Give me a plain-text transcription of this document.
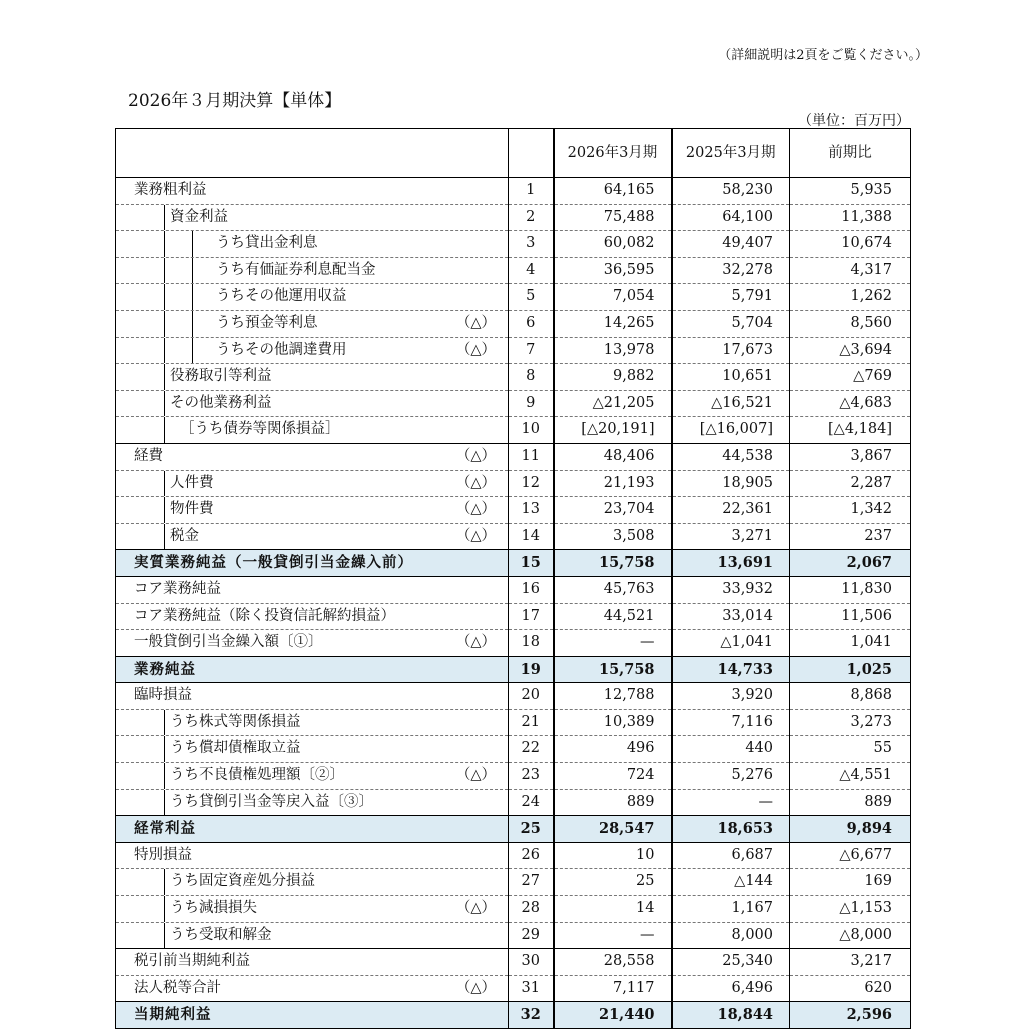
（詳細説明は2頁をご覧ください。）
2026年３月期決算【単体】
（単位：百万円）
		2026年3月期	2025年3月期	前期比

業務粗利益	1	64,165	58,230	5,935

資金利益	2	75,488	64,100	11,388

うち貸出金利息	3	60,082	49,407	10,674

うち有価証券利息配当金	4	36,595	32,278	4,317

うちその他運用収益	5	7,054	5,791	1,262

うち預金等利息 （△）	6	14,265	5,704	8,560

うちその他調達費用 （△）	7	13,978	17,673	△3,694

役務取引等利益	8	9,882	10,651	△769

その他業務利益	9	△21,205	△16,521	△4,683

［うち債券等関係損益］	10	[△20,191]	[△16,007]	[△4,184]

経費 （△）	11	48,406	44,538	3,867

人件費 （△）	12	21,193	18,905	2,287

物件費 （△）	13	23,704	22,361	1,342

税金 （△）	14	3,508	3,271	237

実質業務純益（一般貸倒引当金繰入前）	15	15,758	13,691	2,067

コア業務純益	16	45,763	33,932	11,830

コア業務純益（除く投資信託解約損益）	17	44,521	33,014	11,506

一般貸倒引当金繰入額〔①〕 （△）	18	—	△1,041	1,041

業務純益	19	15,758	14,733	1,025

臨時損益	20	12,788	3,920	8,868

うち株式等関係損益	21	10,389	7,116	3,273

うち償却債権取立益	22	496	440	55

うち不良債権処理額〔②〕 （△）	23	724	5,276	△4,551

うち貸倒引当金等戻入益〔③〕	24	889	—	889

経常利益	25	28,547	18,653	9,894

特別損益	26	10	6,687	△6,677

うち固定資産処分損益	27	25	△144	169

うち減損損失 （△）	28	14	1,167	△1,153

うち受取和解金	29	—	8,000	△8,000

税引前当期純利益	30	28,558	25,340	3,217

法人税等合計 （△）	31	7,117	6,496	620

当期純利益	32	21,440	18,844	2,596
